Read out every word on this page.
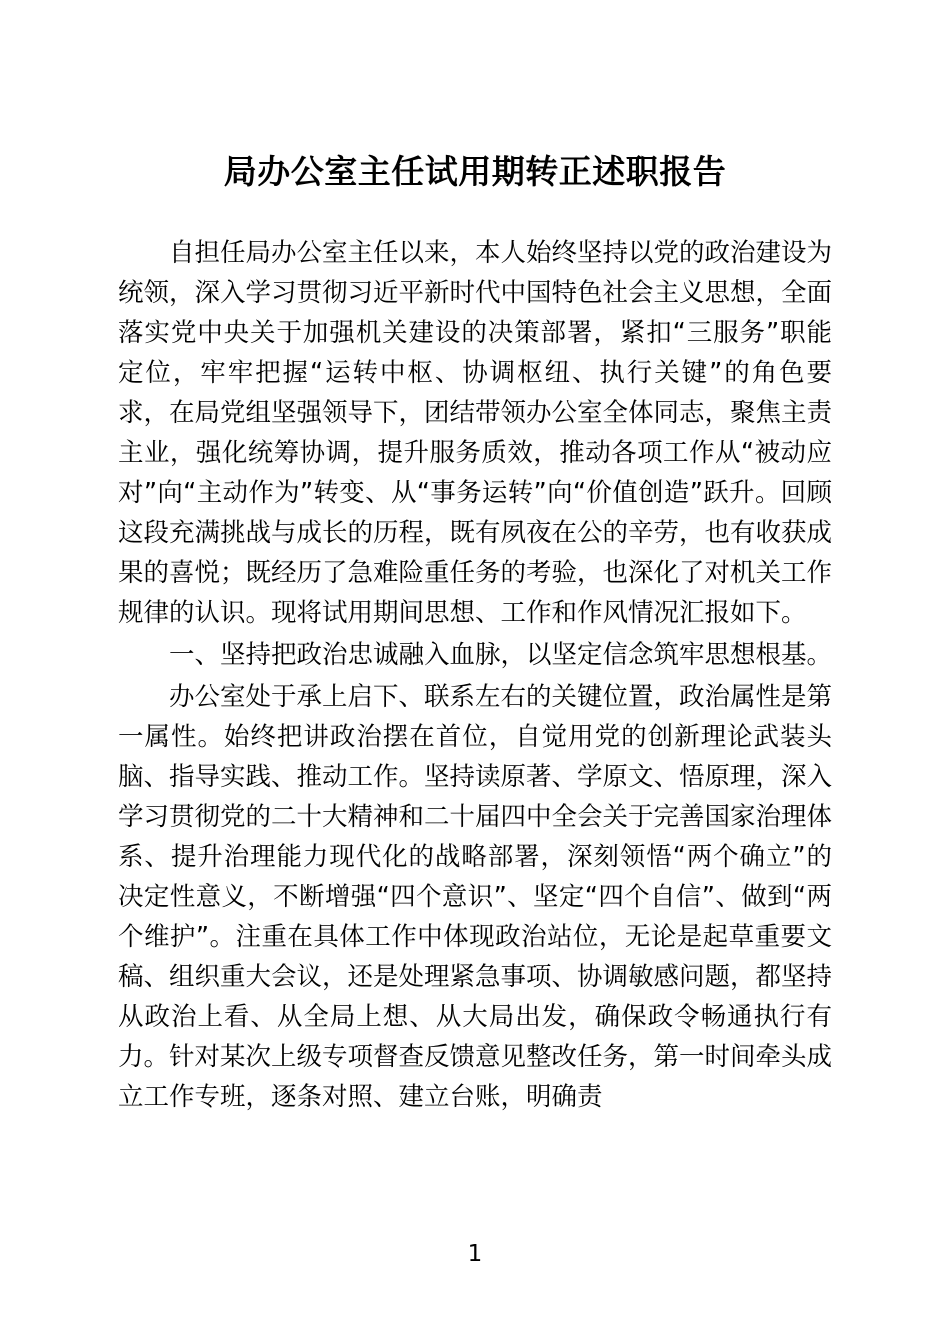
局办公室主任试用期转正述职报告

自担任局办公室主任以来，本人始终坚持以党的政治建设为统领，深入学习贯彻习近平新时代中国特色社会主义思想，全面落实党中央关于加强机关建设的决策部署，紧扣“三服务”职能定位，牢牢把握“运转中枢、协调枢纽、执行关键”的角色要求，在局党组坚强领导下，团结带领办公室全体同志，聚焦主责主业，强化统筹协调，提升服务质效，推动各项工作从“被动应对”向“主动作为”转变、从“事务运转”向“价值创造”跃升。回顾这段充满挑战与成长的历程，既有夙夜在公的辛劳，也有收获成果的喜悦；既经历了急难险重任务的考验，也深化了对机关工作规律的认识。现将试用期间思想、工作和作风情况汇报如下。

一、坚持把政治忠诚融入血脉，以坚定信念筑牢思想根基。

办公室处于承上启下、联系左右的关键位置，政治属性是第一属性。始终把讲政治摆在首位，自觉用党的创新理论武装头脑、指导实践、推动工作。坚持读原著、学原文、悟原理，深入学习贯彻党的二十大精神和二十届四中全会关于完善国家治理体系、提升治理能力现代化的战略部署，深刻领悟“两个确立”的决定性意义，不断增强“四个意识”、坚定“四个自信”、做到“两个维护”。注重在具体工作中体现政治站位，无论是起草重要文稿、组织重大会议，还是处理紧急事项、协调敏感问题，都坚持从政治上看、从全局上想、从大局出发，确保政令畅通执行有力。针对某次上级专项督查反馈意见整改任务，第一时间牵头成立工作专班，逐条对照、建立台账，明确责

1
